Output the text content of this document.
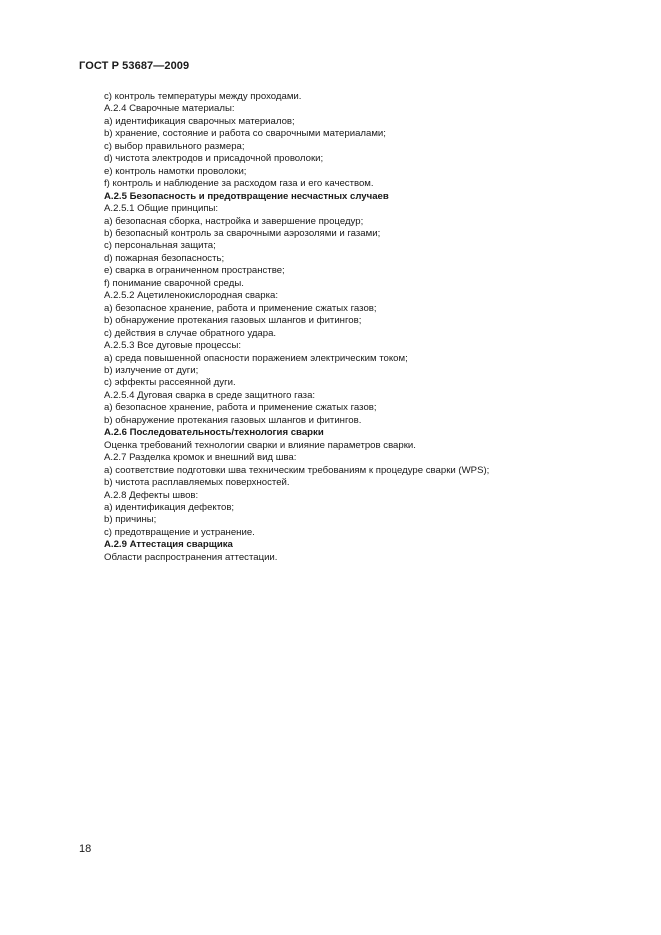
ГОСТ Р 53687—2009
c) контроль температуры между проходами.
А.2.4 Сварочные материалы:
a) идентификация сварочных материалов;
b) хранение, состояние и работа со сварочными материалами;
c) выбор правильного размера;
d) чистота электродов и присадочной проволоки;
e) контроль намотки проволоки;
f) контроль и наблюдение за расходом газа и его качеством.
А.2.5 Безопасность и предотвращение несчастных случаев
А.2.5.1 Общие принципы:
a) безопасная сборка, настройка и завершение процедур;
b) безопасный контроль за сварочными аэрозолями и газами;
c) персональная защита;
d) пожарная безопасность;
e) сварка в ограниченном пространстве;
f) понимание сварочной среды.
А.2.5.2 Ацетиленокислородная сварка:
a) безопасное хранение, работа и применение сжатых газов;
b) обнаружение протекания газовых шлангов и фитингов;
c) действия в случае обратного удара.
А.2.5.3 Все дуговые процессы:
a) среда повышенной опасности поражением электрическим током;
b) излучение от дуги;
c) эффекты рассеянной дуги.
А.2.5.4 Дуговая сварка в среде защитного газа:
a) безопасное хранение, работа и применение сжатых газов;
b) обнаружение протекания газовых шлангов и фитингов.
А.2.6 Последовательность/технология сварки
Оценка требований технологии сварки и влияние параметров сварки.
А.2.7 Разделка кромок и внешний вид шва:
a) соответствие подготовки шва техническим требованиям к процедуре сварки (WPS);
b) чистота расплавляемых поверхностей.
А.2.8 Дефекты швов:
a) идентификация дефектов;
b) причины;
c) предотвращение и устранение.
А.2.9 Аттестация сварщика
Области распространения аттестации.
18
